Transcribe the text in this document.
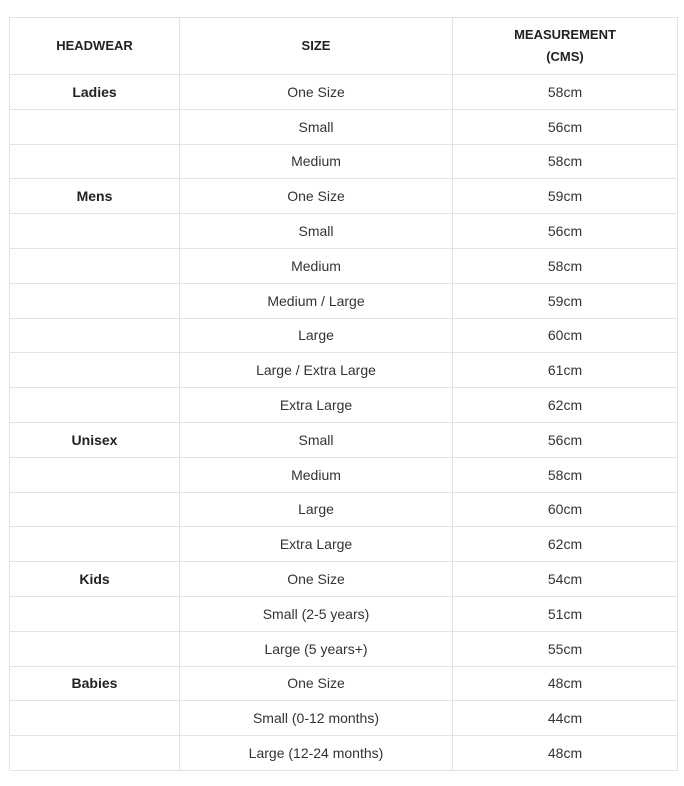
HEADWEAR	SIZE	MEASUREMENT
(CMS)
Ladies	One Size	58cm
	Small	56cm
	Medium	58cm
Mens	One Size	59cm
	Small	56cm
	Medium	58cm
	Medium / Large	59cm
	Large	60cm
	Large / Extra Large	61cm
	Extra Large	62cm
Unisex	Small	56cm
	Medium	58cm
	Large	60cm
	Extra Large	62cm
Kids	One Size	54cm
	Small (2-5 years)	51cm
	Large (5 years+)	55cm
Babies	One Size	48cm
	Small (0-12 months)	44cm
	Large (12-24 months)	48cm
